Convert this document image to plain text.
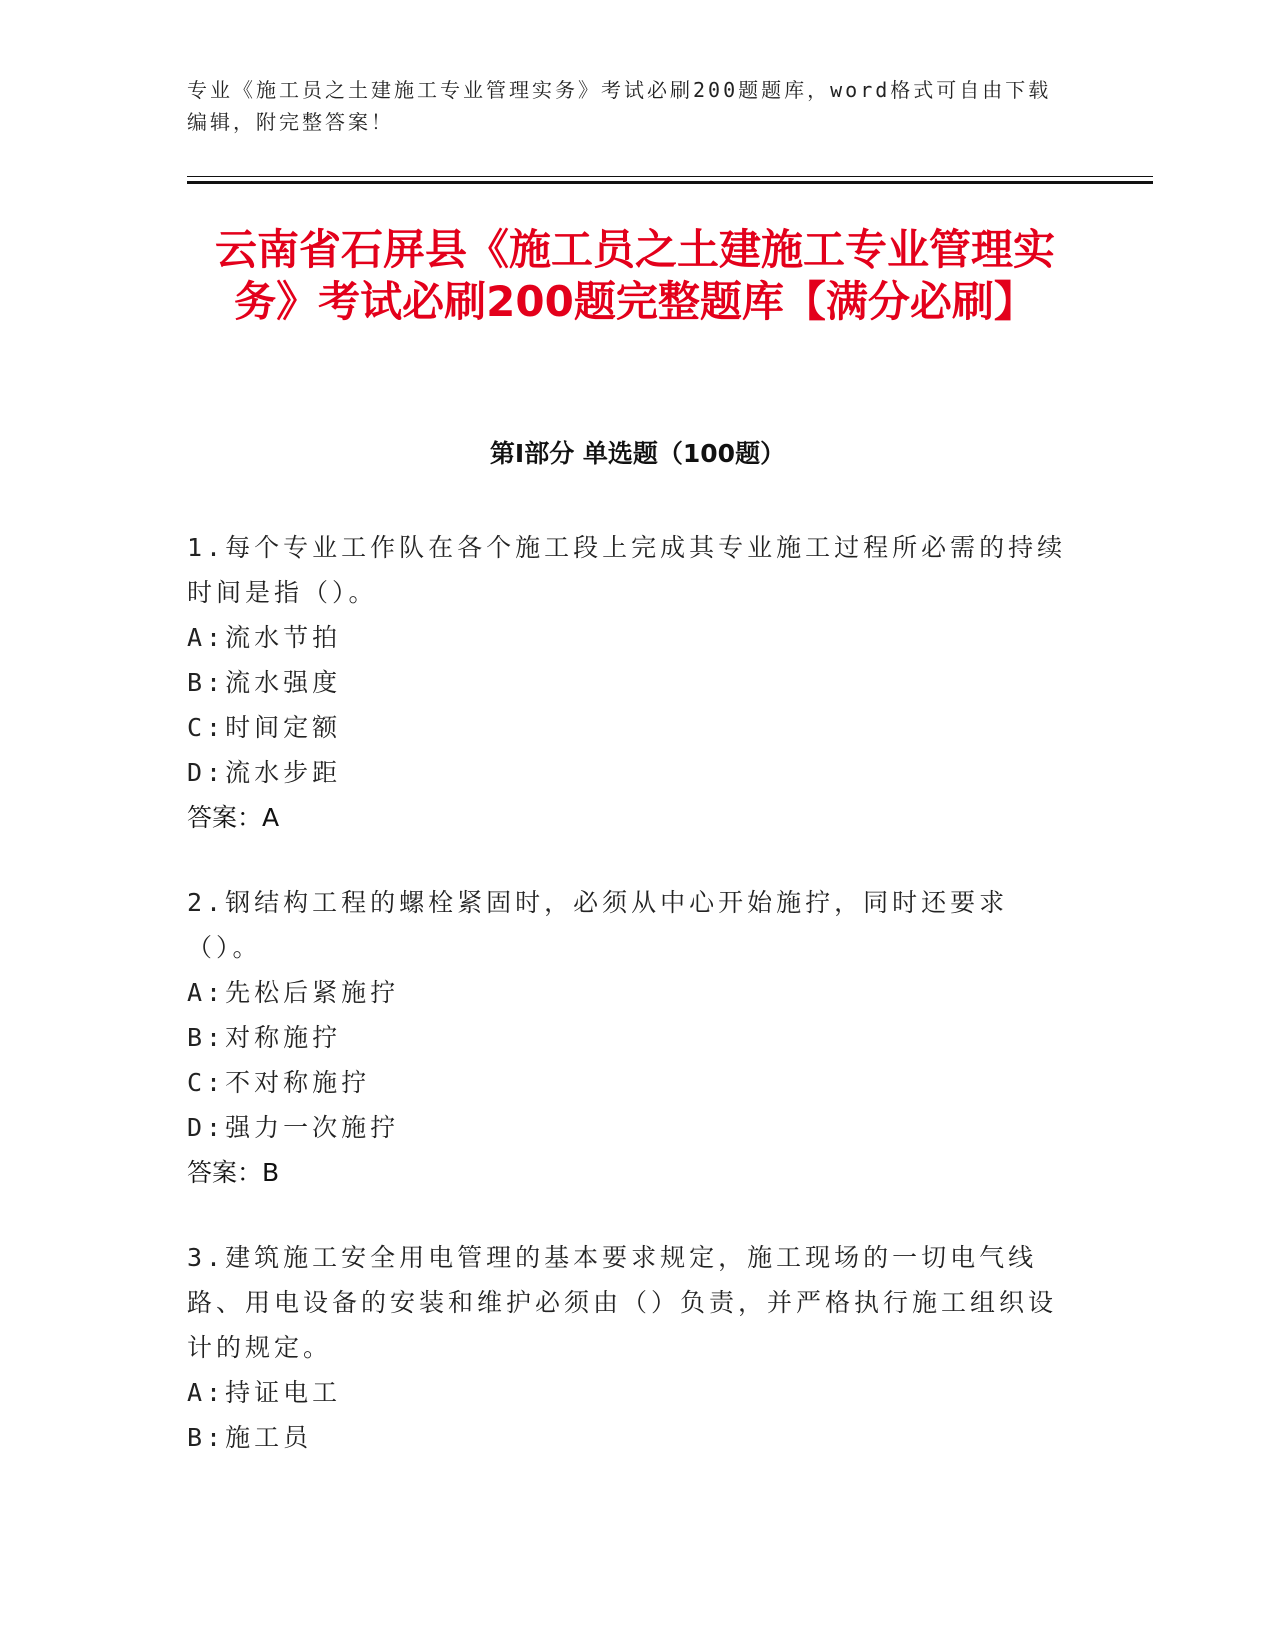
专业《施工员之土建施工专业管理实务》考试必刷200题题库，word格式可自由下载编辑，附完整答案！
云南省石屏县《施工员之土建施工专业管理实务》考试必刷200题完整题库【满分必刷】
第I部分 单选题（100题）
1.每个专业工作队在各个施工段上完成其专业施工过程所必需的持续时间是指（）。
A:流水节拍
B:流水强度
C:时间定额
D:流水步距
答案：A
2.钢结构工程的螺栓紧固时，必须从中心开始施拧，同时还要求（）。
A:先松后紧施拧
B:对称施拧
C:不对称施拧
D:强力一次施拧
答案：B
3.建筑施工安全用电管理的基本要求规定，施工现场的一切电气线路、用电设备的安装和维护必须由（）负责，并严格执行施工组织设计的规定。
A:持证电工
B:施工员
